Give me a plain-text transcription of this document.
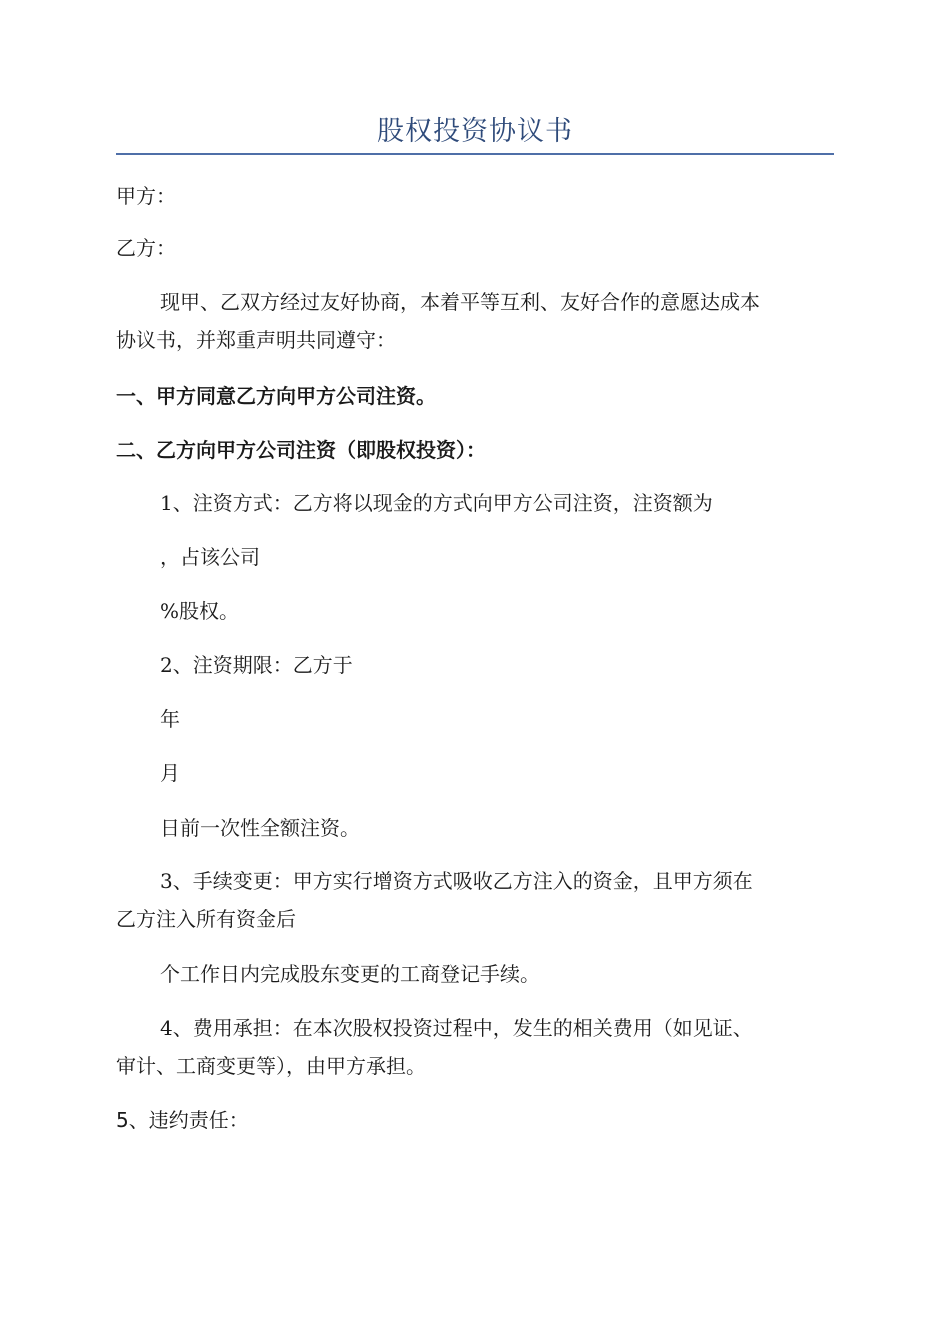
股权投资协议书
甲方：
乙方：
现甲、乙双方经过友好协商，本着平等互利、友好合作的意愿达成本
协议书，并郑重声明共同遵守：
一、甲方同意乙方向甲方公司注资。
二、乙方向甲方公司注资（即股权投资）：
1、注资方式：乙方将以现金的方式向甲方公司注资，注资额为
，占该公司
%股权。
2、注资期限：乙方于
年
月
日前一次性全额注资。
3、手续变更：甲方实行增资方式吸收乙方注入的资金，且甲方须在
乙方注入所有资金后
个工作日内完成股东变更的工商登记手续。
4、费用承担：在本次股权投资过程中，发生的相关费用（如见证、
审计、工商变更等），由甲方承担。
5、违约责任：
